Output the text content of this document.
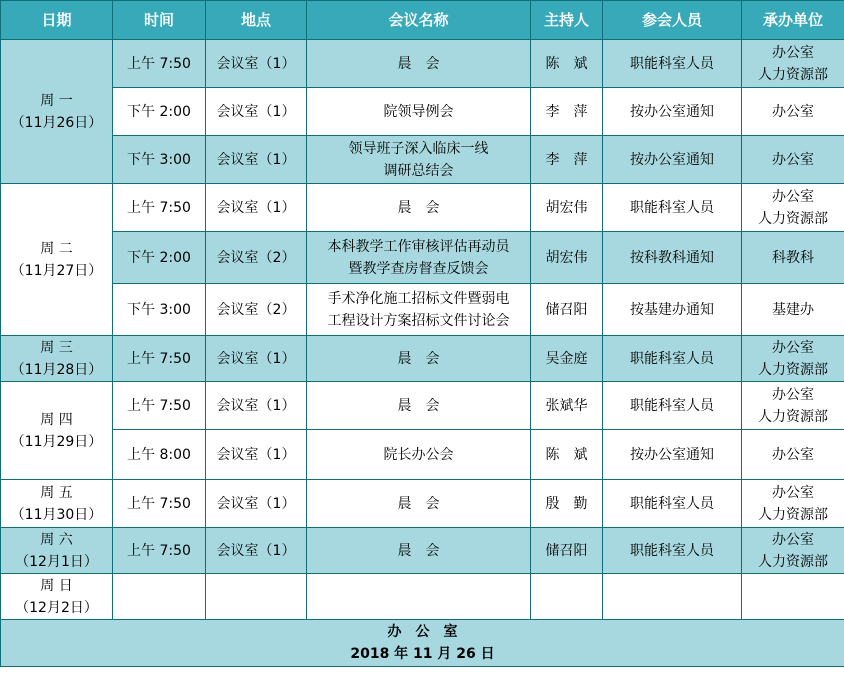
日期	时间	地点	会议名称	主持人	参会人员	承办单位

周 一
（11月26日）	上午 7:50	会议室（1）	晨　会	陈　斌	职能科室人员	办公室
人力资源部

	下午 2:00	会议室（1）	院领导例会	李　萍	按办公室通知	办公室

	下午 3:00	会议室（1）	领导班子深入临床一线
调研总结会	李　萍	按办公室通知	办公室

周 二
（11月27日）	上午 7:50	会议室（1）	晨　会	胡宏伟	职能科室人员	办公室
人力资源部

	下午 2:00	会议室（2）	本科教学工作审核评估再动员
暨教学查房督查反馈会	胡宏伟	按科教科通知	科教科

	下午 3:00	会议室（2）	手术净化施工招标文件暨弱电
工程设计方案招标文件讨论会	储召阳	按基建办通知	基建办

周 三
（11月28日）	上午 7:50	会议室（1）	晨　会	吴金庭	职能科室人员	办公室
人力资源部

周 四
（11月29日）	上午 7:50	会议室（1）	晨　会	张斌华	职能科室人员	办公室
人力资源部

	上午 8:00	会议室（1）	院长办公会	陈　斌	按办公室通知	办公室

周 五
（11月30日）	上午 7:50	会议室（1）	晨　会	殷　勤	职能科室人员	办公室
人力资源部

周 六
（12月1日）	上午 7:50	会议室（1）	晨　会	储召阳	职能科室人员	办公室
人力资源部

周 日
（12月2日）						

办　公　室
2018 年 11 月 26 日						
